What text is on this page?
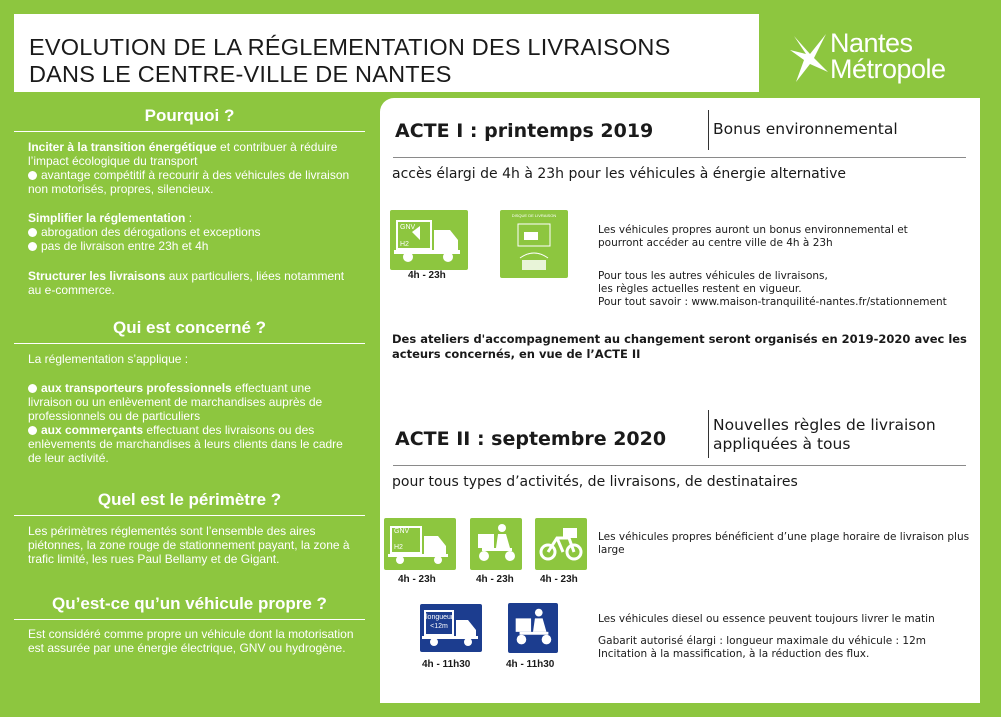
EVOLUTION DE LA RÉGLEMENTATION DES LIVRAISONS
DANS LE CENTRE-VILLE DE NANTES
Nantes
Métropole
Pourquoi ?
Inciter à la transition énergétique et contribuer à réduire l’impact écologique du transport
avantage compétitif à recourir à des véhicules de livraison non motorisés, propres, silencieux.
Simplifier la réglementation :
abrogation des dérogations et exceptions
pas de livraison entre 23h et 4h
Structurer les livraisons aux particuliers, liées notamment au e-commerce.
Qui est concerné ?
La réglementation s’applique :
aux transporteurs professionnels effectuant une livraison ou un enlèvement de marchandises auprès de professionnels ou de particuliers
aux commerçants effectuant des livraisons ou des enlèvements de marchandises à leurs clients dans le cadre de leur activité.
Quel est le périmètre ?
Les périmètres réglementés sont l’ensemble des aires piétonnes, la zone rouge de stationnement payant, la zone à trafic limité, les rues Paul Bellamy et de Gigant.
Qu’est-ce qu’un véhicule propre ?
Est considéré comme propre un véhicule dont la motorisation est assurée par une énergie électrique, GNV ou hydrogène.
ACTE I : printemps 2019	Bonus environnemental
accès élargi de 4h à 23h pour les véhicules à énergie alternative
GNV
H2
4h - 23h
DISQUE DE LIVRAISON
Les véhicules propres auront un bonus environnemental et pourront accéder au centre ville de 4h à 23h
Pour tous les autres véhicules de livraisons,
les règles actuelles restent en vigueur.
Pour tout savoir : www.maison-tranquilité-nantes.fr/stationnement
Des ateliers d'accompagnement au changement seront organisés en 2019-2020 avec les acteurs concernés, en vue de l’ACTE II
ACTE II : septembre 2020
Nouvelles règles de livraison
appliquées à tous
pour tous types d’activités, de livraisons, de destinataires
GNV
H2
4h - 23h	4h - 23h	4h - 23h
Les véhicules propres bénéficient d’une plage horaire de livraison plus large
longueur
<12m
4h - 11h30	4h - 11h30
Les véhicules diesel ou essence peuvent toujours livrer le matin
Gabarit autorisé élargi : longueur maximale du véhicule : 12m
Incitation à la massification, à la réduction des flux.
nantesmetropole.fr
